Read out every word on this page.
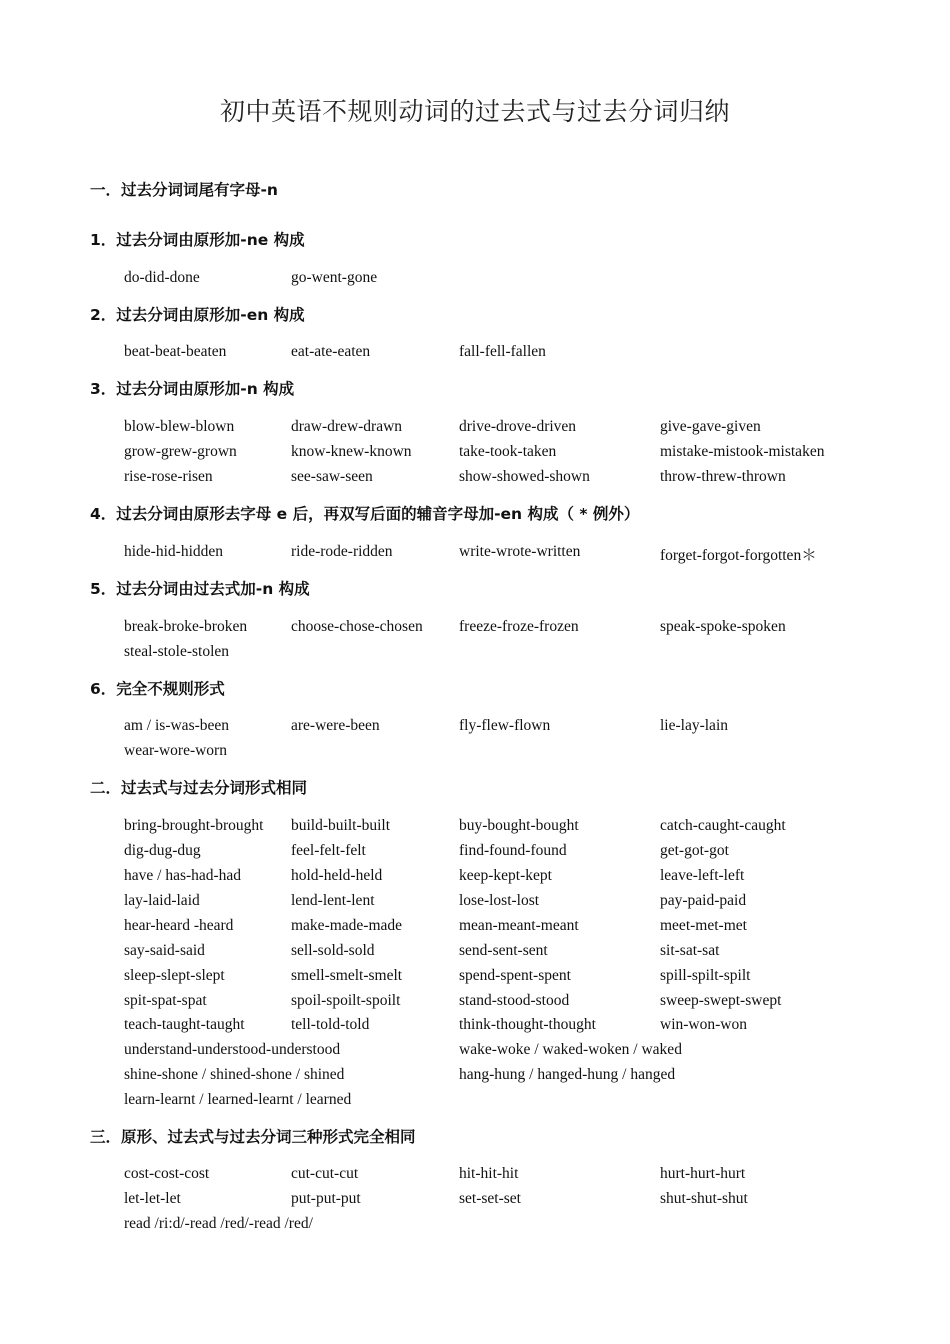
初中英语不规则动词的过去式与过去分词归纳
一．过去分词词尾有字母-n
1．过去分词由原形加-ne 构成
do-did-done	go-went-gone
2．过去分词由原形加-en 构成
beat-beat-beaten	eat-ate-eaten	fall-fell-fallen
3．过去分词由原形加-n 构成
blow-blew-blown	draw-drew-drawn	drive-drove-driven	give-gave-given
grow-grew-grown	know-knew-known	take-took-taken	mistake-mistook-mistaken
rise-rose-risen	see-saw-seen	show-showed-shown	throw-threw-thrown
4．过去分词由原形去字母 e 后，再双写后面的辅音字母加-en 构成（ * 例外）
hide-hid-hidden	ride-rode-ridden	write-wrote-written	forget-forgot-forgotten＊
5．过去分词由过去式加-n 构成
break-broke-broken	choose-chose-chosen freeze-froze-frozen	speak-spoke-spoken
steal-stole-stolen
6．完全不规则形式
am / is-was-been	are-were-been	fly-flew-flown	lie-lay-lain
wear-wore-worn
二．过去式与过去分词形式相同
bring-brought-brought build-built-built	buy-bought-bought	catch-caught-caught
dig-dug-dug	feel-felt-felt	find-found-found	get-got-got
have / has-had-had	hold-held-held	keep-kept-kept	leave-left-left
lay-laid-laid	lend-lent-lent	lose-lost-lost	pay-paid-paid
hear-heard -heard	make-made-made	mean-meant-meant	meet-met-met
say-said-said	sell-sold-sold	send-sent-sent	sit-sat-sat
sleep-slept-slept	smell-smelt-smelt	spend-spent-spent	spill-spilt-spilt
spit-spat-spat	spoil-spoilt-spoilt	stand-stood-stood	sweep-swept-swept
teach-taught-taught	tell-told-told	think-thought-thought	win-won-won
understand-understood-understood	wake-woke / waked-woken / waked
shine-shone / shined-shone / shined	hang-hung / hanged-hung / hanged
learn-learnt / learned-learnt / learned
三．原形、过去式与过去分词三种形式完全相同
cost-cost-cost	cut-cut-cut	hit-hit-hit	hurt-hurt-hurt
let-let-let	put-put-put	set-set-set	shut-shut-shut
read /ri:d/-read /red/-read /red/
